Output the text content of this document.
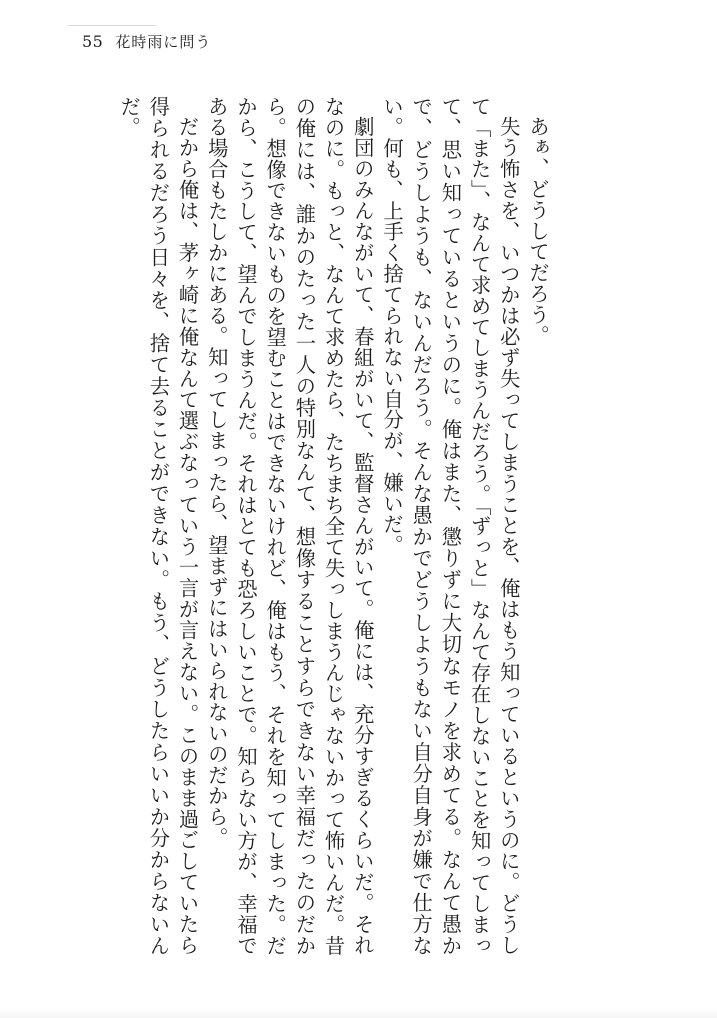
55 花時雨に問う

あぁ、どうしてだろう。

失う怖さを、いつかは必ず失ってしまうことを、俺はもう知っているというのに。どうして「また」、なんて求めてしまうんだろう。「ずっと」なんて存在しないことを知ってしまって、思い知っているというのに。俺はまた、懲りずに大切なモノを求めてる。なんて愚かで、どうしようも、ないんだろう。そんな愚かでどうしようもない自分自身が嫌で仕方ない。何も、上手く捨てられない自分が、嫌いだ。

劇団のみんながいて、春組がいて、監督さんがいて。俺には、充分すぎるくらいだ。それなのに。もっと、なんて求めたら、たちまち全て失っしまうんじゃないかって怖いんだ。昔の俺には、誰かのたった一人の特別なんて、想像することすらできない幸福だったのだから。想像できないものを望むことはできないけれど、俺はもう、それを知ってしまった。だから、こうして、望んでしまうんだ。それはとても恐ろしいことで。知らない方が、幸福である場合もたしかにある。知ってしまったら、望まずにはいられないのだから。

だから俺は、茅ヶ崎に俺なんて選ぶなっていう一言が言えない。このまま過ごしていたら得られるだろう日々を、捨て去ることができない。もう、どうしたらいいか分からないんだ。
